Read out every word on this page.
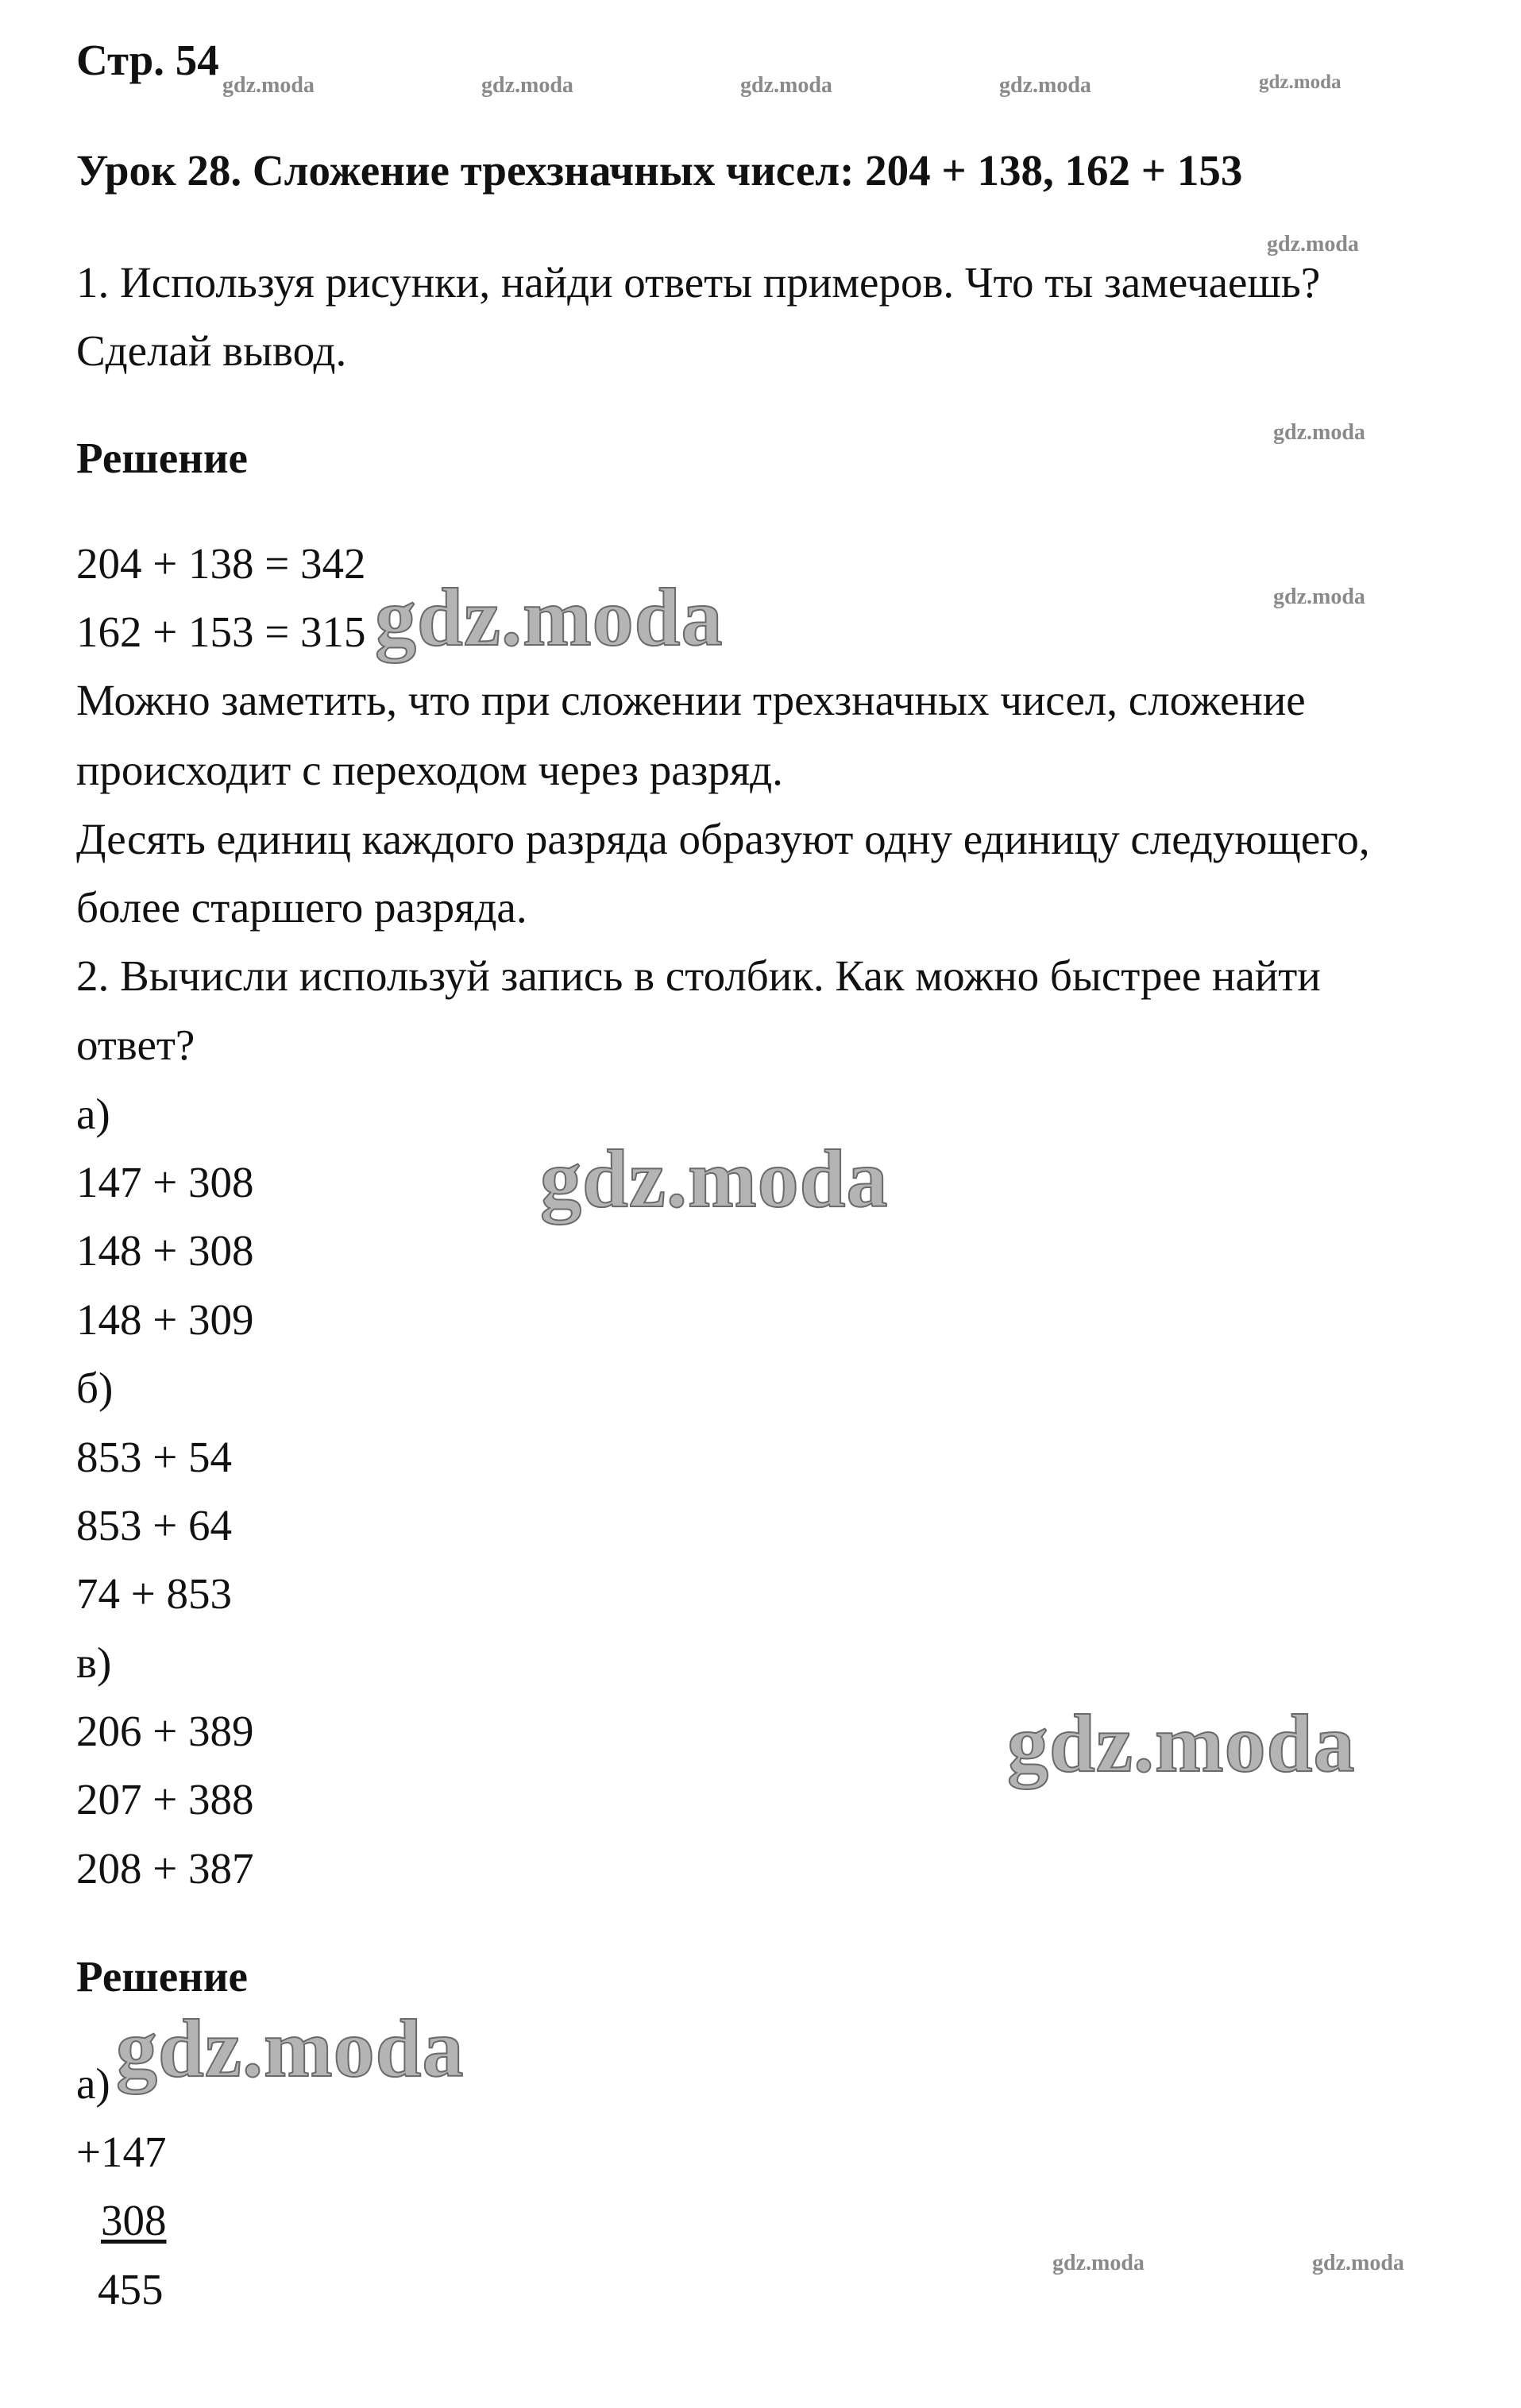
Стр. 54
Урок 28. Сложение трехзначных чисел: 204 + 138, 162 + 153
1. Используя рисунки, найди ответы примеров. Что ты замечаешь?
Сделай вывод.
Решение
204 + 138 = 342
162 + 153 = 315
Можно заметить, что при сложении трехзначных чисел, сложение
происходит с переходом через разряд.
Десять единиц каждого разряда образуют одну единицу следующего,
более старшего разряда.
2. Вычисли используй запись в столбик. Как можно быстрее найти
ответ?
а)
147 + 308
148 + 308
148 + 309
б)
853 + 54
853 + 64
74 + 853
в)
206 + 389
207 + 388
208 + 387
Решение
а)
+147
308
455
gdz.moda	gdz.moda	gdz.moda	gdz.moda	gdz.moda
gdz.moda
gdz.moda
gdz.moda
gdz.moda	gdz.moda
gdz.moda
gdz.moda
gdz.moda
gdz.moda
